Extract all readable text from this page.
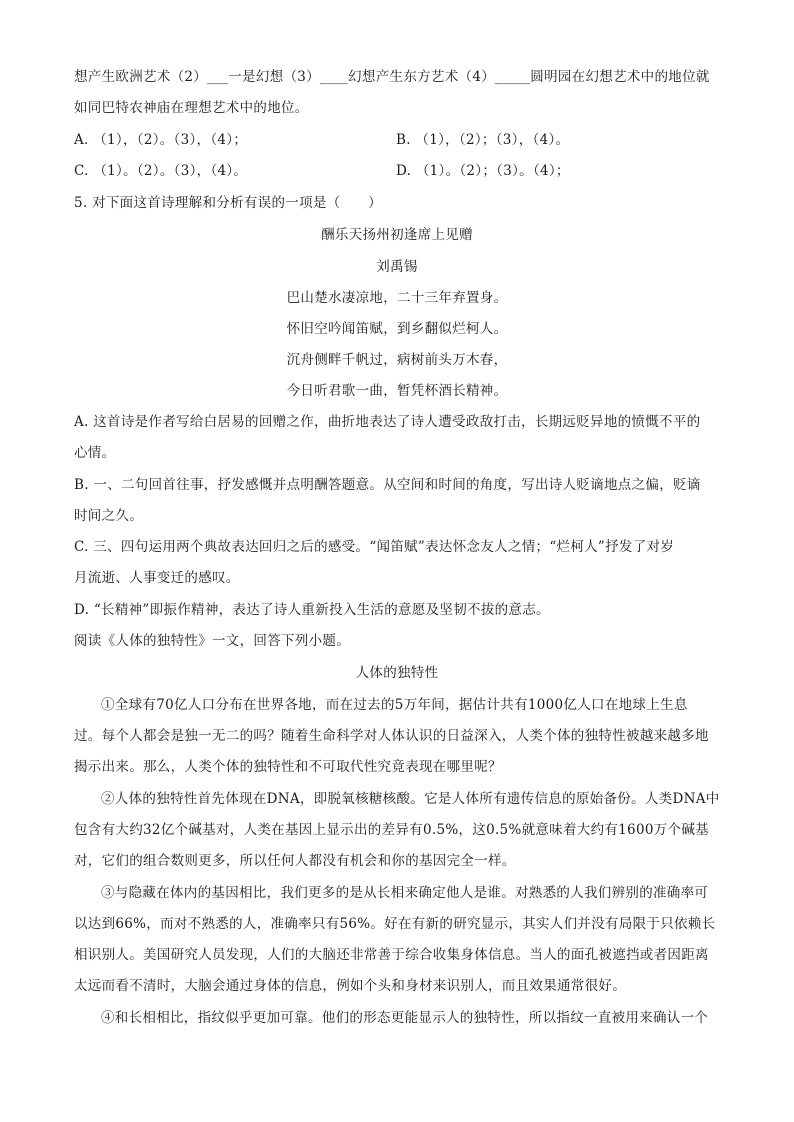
想产生欧洲艺术（2）___一是幻想（3）____幻想产生东方艺术（4）_____圆明园在幻想艺术中的地位就
如同巴特农神庙在理想艺术中的地位。
A. （1），（2）。（3），（4）；	B. （1），（2）；（3），（4）。
C. （1）。（2）。（3），（4）。	D. （1）。（2）；（3）。（4）；
5. 对下面这首诗理解和分析有误的一项是（　　）
酬乐天扬州初逢席上见赠
刘禹锡
巴山楚水凄凉地，二十三年弃置身。
怀旧空吟闻笛赋，到乡翻似烂柯人。
沉舟侧畔千帆过，病树前头万木春，
今日听君歌一曲，暂凭杯酒长精神。
A. 这首诗是作者写给白居易的回赠之作，曲折地表达了诗人遭受政敌打击，长期远贬异地的愤慨不平的
心情。
B. 一、二句回首往事，抒发感慨并点明酬答题意。从空间和时间的角度，写出诗人贬谪地点之偏，贬谪
时间之久。
C. 三、四句运用两个典故表达回归之后的感受。“闻笛赋”表达怀念友人之情；“烂柯人”抒发了对岁
月流逝、人事变迁的感叹。
D. “长精神”即振作精神，表达了诗人重新投入生活的意愿及坚韧不拔的意志。
阅读《人体的独特性》一文，回答下列小题。
人体的独特性
①全球有70亿人口分布在世界各地，而在过去的5万年间，据估计共有1000亿人口在地球上生息
过。每个人都会是独一无二的吗？随着生命科学对人体认识的日益深入，人类个体的独特性被越来越多地
揭示出来。那么，人类个体的独特性和不可取代性究竟表现在哪里呢？
②人体的独特性首先体现在DNA，即脱氧核糖核酸。它是人体所有遗传信息的原始备份。人类DNA中
包含有大约32亿个碱基对，人类在基因上显示出的差异有0.5%，这0.5%就意味着大约有1600万个碱基
对，它们的组合数则更多，所以任何人都没有机会和你的基因完全一样。
③与隐藏在体内的基因相比，我们更多的是从长相来确定他人是谁。对熟悉的人我们辨别的准确率可
以达到66%，而对不熟悉的人，准确率只有56%。好在有新的研究显示，其实人们并没有局限于只依赖长
相识别人。美国研究人员发现，人们的大脑还非常善于综合收集身体信息。当人的面孔被遮挡或者因距离
太远而看不清时，大脑会通过身体的信息，例如个头和身材来识别人，而且效果通常很好。
④和长相相比，指纹似乎更加可靠。他们的形态更能显示人的独特性，所以指纹一直被用来确认一个
